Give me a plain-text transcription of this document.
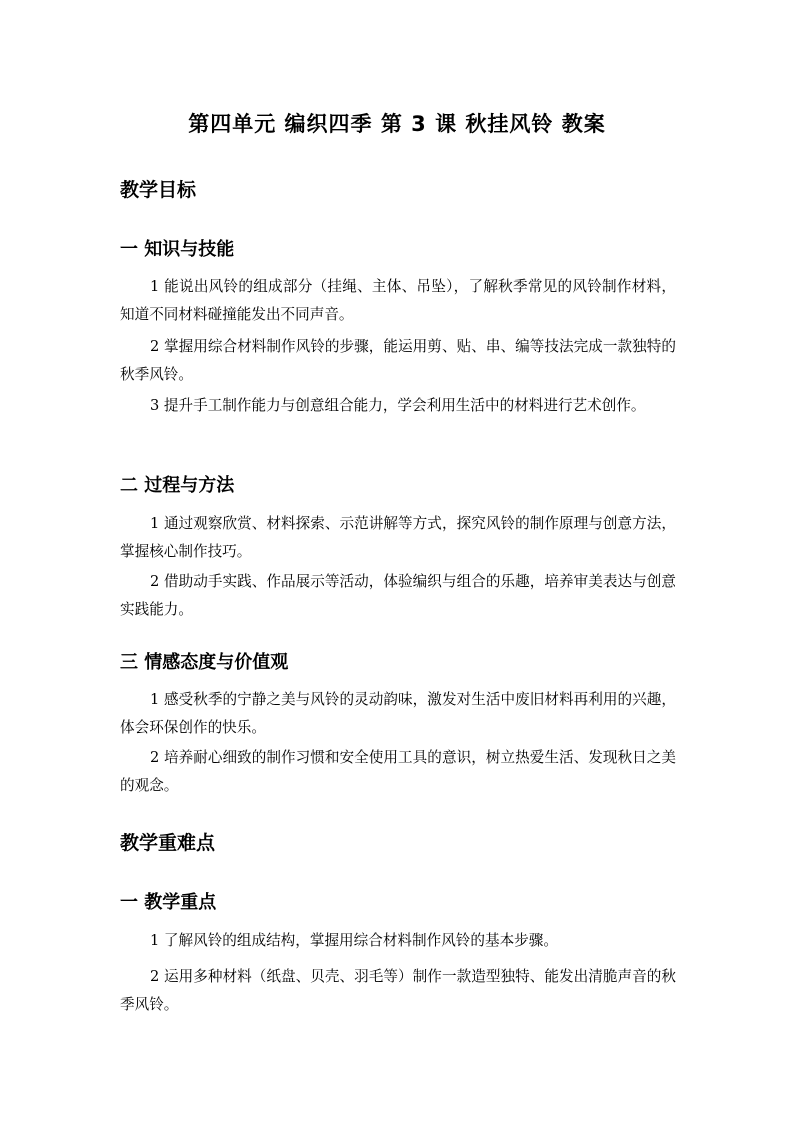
第四单元 编织四季 第 3 课 秋挂风铃 教案
教学目标
一 知识与技能

1 能说出风铃的组成部分（挂绳、主体、吊坠），了解秋季常见的风铃制作材料，知道不同材料碰撞能发出不同声音。

2 掌握用综合材料制作风铃的步骤，能运用剪、贴、串、编等技法完成一款独特的秋季风铃。

3 提升手工制作能力与创意组合能力，学会利用生活中的材料进行艺术创作。

二 过程与方法

1 通过观察欣赏、材料探索、示范讲解等方式，探究风铃的制作原理与创意方法，掌握核心制作技巧。

2 借助动手实践、作品展示等活动，体验编织与组合的乐趣，培养审美表达与创意实践能力。

三 情感态度与价值观

1 感受秋季的宁静之美与风铃的灵动韵味，激发对生活中废旧材料再利用的兴趣，体会环保创作的快乐。

2 培养耐心细致的制作习惯和安全使用工具的意识，树立热爱生活、发现秋日之美的观念。

教学重难点
一 教学重点

1 了解风铃的组成结构，掌握用综合材料制作风铃的基本步骤。

2 运用多种材料（纸盘、贝壳、羽毛等）制作一款造型独特、能发出清脆声音的秋季风铃。
